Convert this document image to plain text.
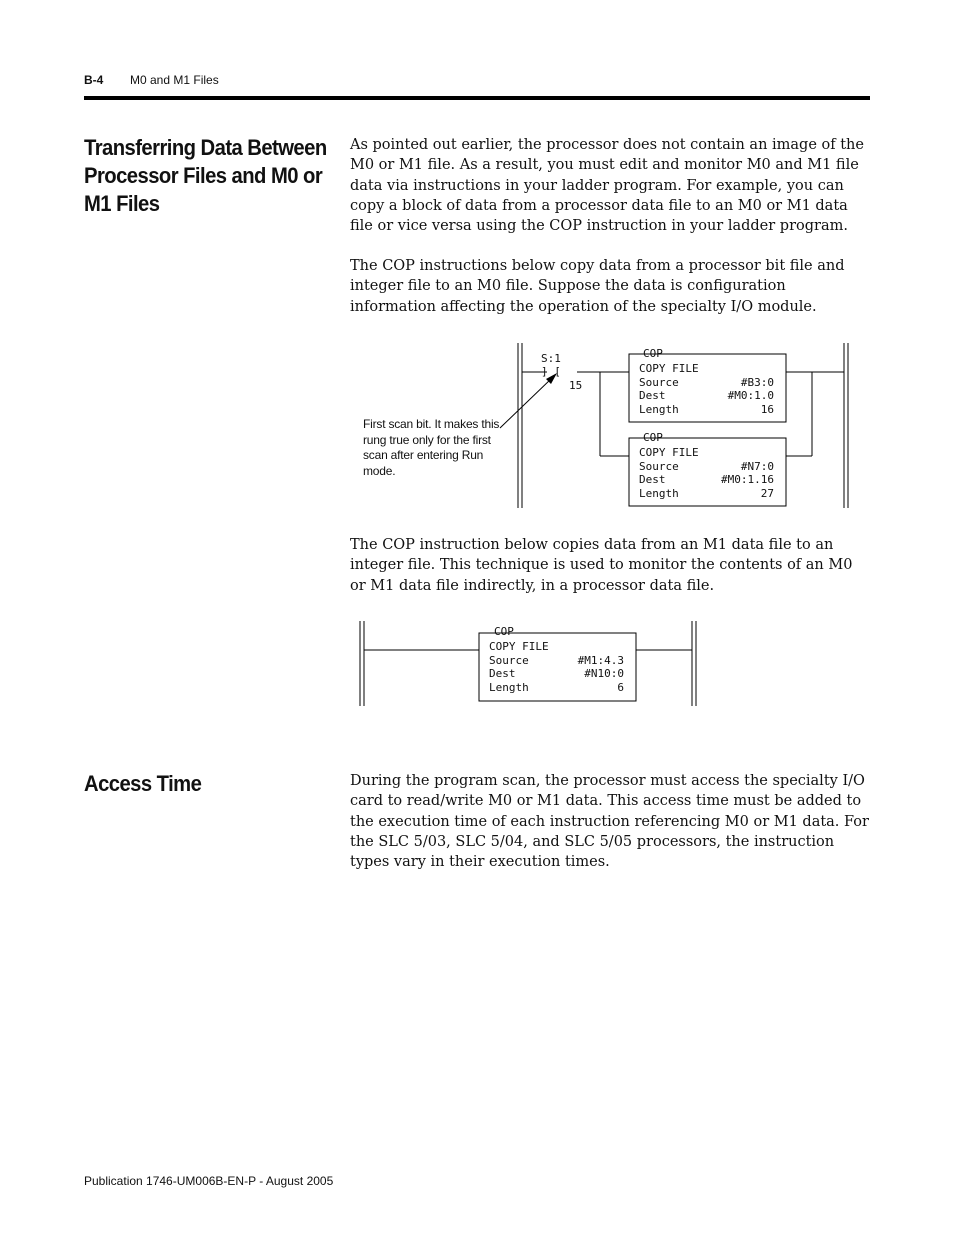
B-4 M0 and M1 Files
Transferring Data Between Processor Files and M0 or M1 Files

As pointed out earlier, the processor does not contain an image of the M0 or M1 file. As a result, you must edit and monitor M0 and M1 file data via instructions in your ladder program. For example, you can copy a block of data from a processor data file to an M0 or M1 data file or vice versa using the COP instruction in your ladder program.

The COP instructions below copy data from a processor bit file and integer file to an M0 file. Suppose the data is configuration information affecting the operation of the specialty I/O module.

S:1
] [
15
COP
COPY FILE
Source	#B3:0
Dest	#M0:1.0
Length	16
COP
COPY FILE
Source	#N7:0
Dest	#M0:1.16
Length	27
First scan bit. It makes this rung true only for the first scan after entering Run mode.

The COP instruction below copies data from an M1 data file to an integer file. This technique is used to monitor the contents of an M0 or M1 data file indirectly, in a processor data file.

COP
COPY FILE
Source	#M1:4.3
Dest	#N10:0
Length	6
Access Time	During the program scan, the processor must access the specialty I/O card to read/write M0 or M1 data. This access time must be added to the execution time of each instruction referencing M0 or M1 data. For the SLC 5/03, SLC 5/04, and SLC 5/05 processors, the instruction types vary in their execution times.

Publication 1746-UM006B-EN-P - August 2005
